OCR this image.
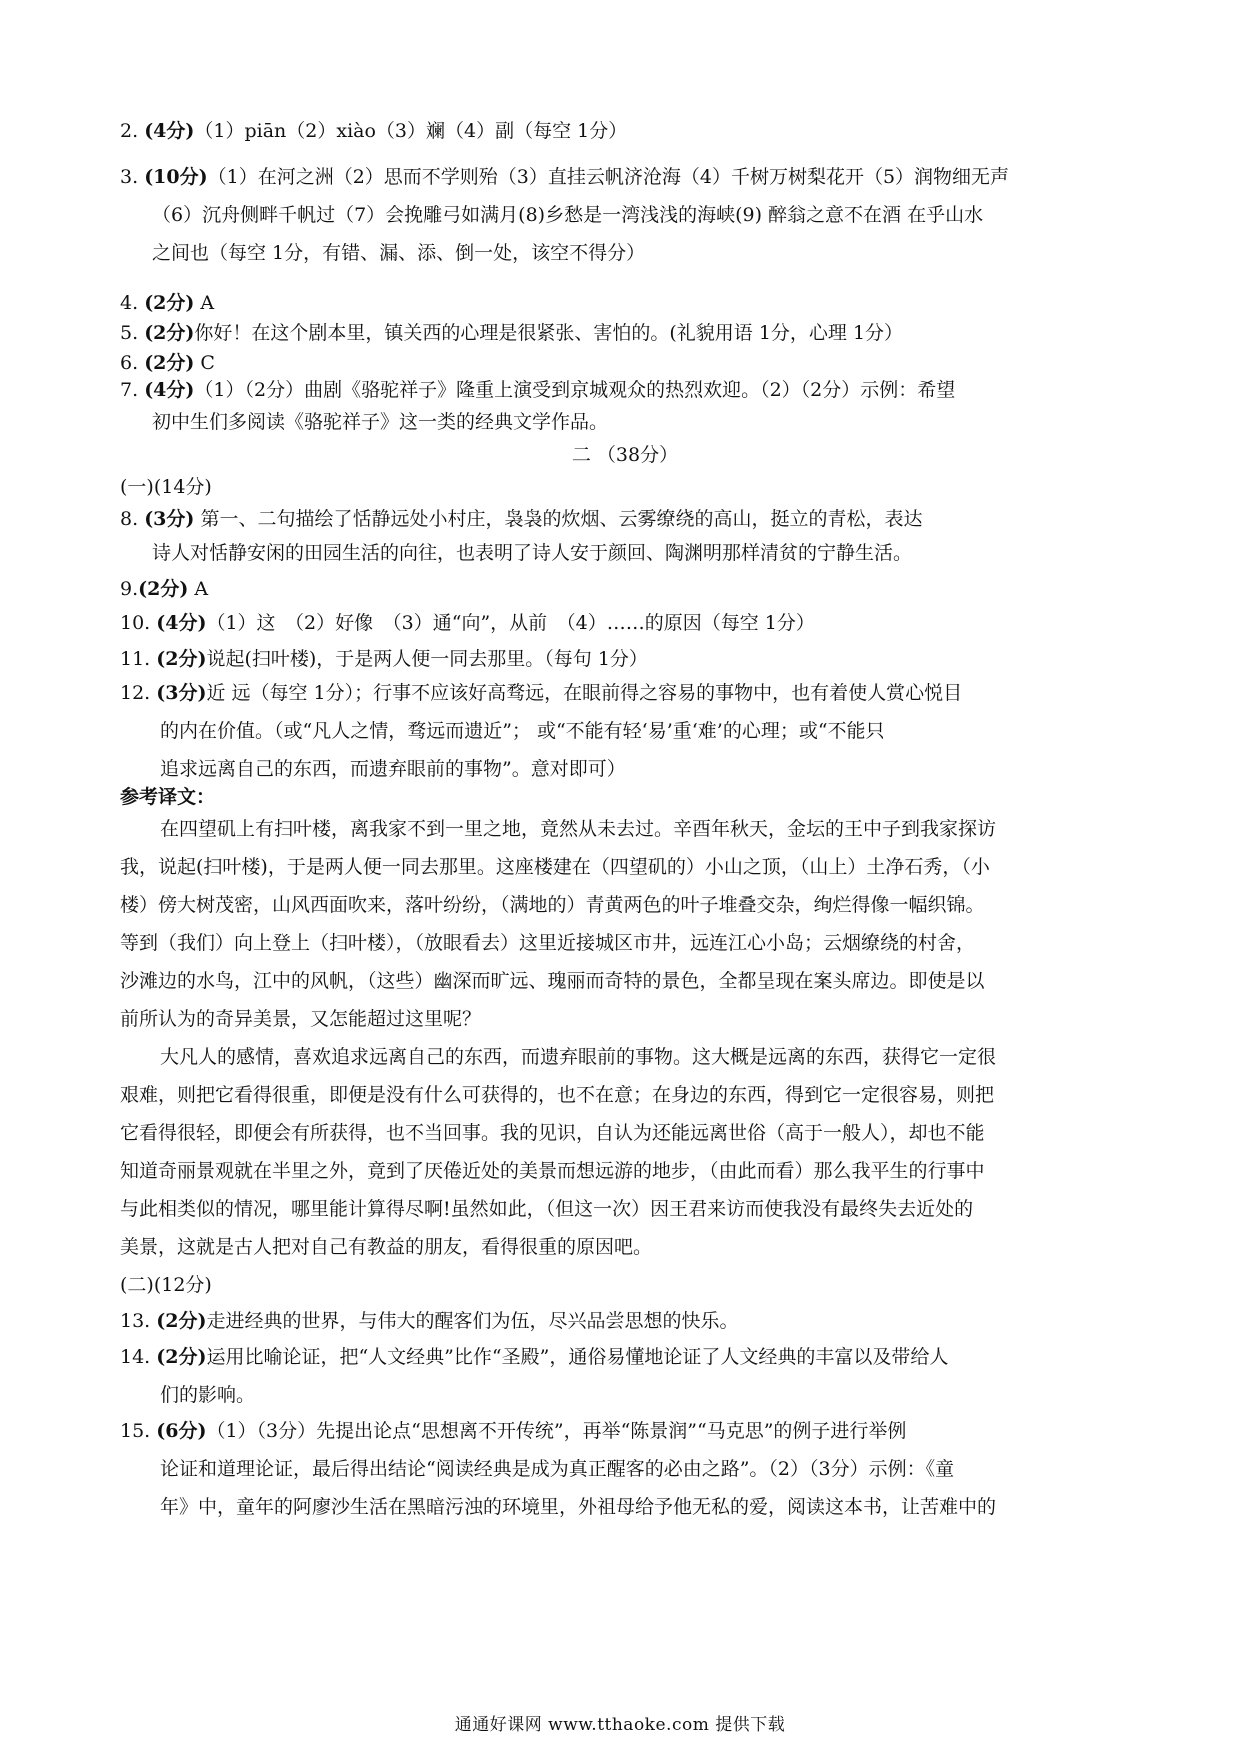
2. (4分)（1）piān（2）xiào（3）斓（4）副（每空 1分）
3. (10分)（1）在河之洲（2）思而不学则殆（3）直挂云帆济沧海（4）千树万树梨花开（5）润物细无声
（6）沉舟侧畔千帆过（7）会挽雕弓如满月(8)乡愁是一湾浅浅的海峡(9) 醉翁之意不在酒 在乎山水
之间也（每空 1分，有错、漏、添、倒一处，该空不得分）
4. (2分) A
5. (2分)你好！在这个剧本里，镇关西的心理是很紧张、害怕的。(礼貌用语 1分，心理 1分）
6. (2分) C
7. (4分)（1）（2分）曲剧《骆驼祥子》隆重上演受到京城观众的热烈欢迎。（2）（2分）示例：希望
初中生们多阅读《骆驼祥子》这一类的经典文学作品。
二 （38分）
(一)(14分)
8. (3分) 第一、二句描绘了恬静远处小村庄，袅袅的炊烟、云雾缭绕的高山，挺立的青松，表达
诗人对恬静安闲的田园生活的向往，也表明了诗人安于颜回、陶渊明那样清贫的宁静生活。
9.(2分) A
10. (4分)（1）这　（2）好像　（3）通“向”，从前　（4）……的原因（每空 1分）
11. (2分)说起(扫叶楼)，于是两人便一同去那里。（每句 1分）
12. (3分)近 远（每空 1分）；行事不应该好高骛远，在眼前得之容易的事物中，也有着使人赏心悦目
的内在价值。（或“凡人之情，骛远而遗近”； 或“不能有轻‘易’重‘难’的心理；或“不能只
追求远离自己的东西，而遗弃眼前的事物”。意对即可）
参考译文：
在四望矶上有扫叶楼，离我家不到一里之地，竟然从未去过。辛酉年秋天，金坛的王中子到我家探访
我，说起(扫叶楼)，于是两人便一同去那里。这座楼建在（四望矶的）小山之顶，（山上）土净石秀，（小
楼）傍大树茂密，山风西面吹来，落叶纷纷，（满地的）青黄两色的叶子堆叠交杂，绚烂得像一幅织锦。
等到（我们）向上登上（扫叶楼），（放眼看去）这里近接城区市井，远连江心小岛；云烟缭绕的村舍，
沙滩边的水鸟，江中的风帆，（这些）幽深而旷远、瑰丽而奇特的景色，全都呈现在案头席边。即使是以
前所认为的奇异美景，又怎能超过这里呢？
大凡人的感情，喜欢追求远离自己的东西，而遗弃眼前的事物。这大概是远离的东西，获得它一定很
艰难，则把它看得很重，即便是没有什么可获得的，也不在意；在身边的东西，得到它一定很容易，则把
它看得很轻，即便会有所获得，也不当回事。我的见识，自认为还能远离世俗（高于一般人），却也不能
知道奇丽景观就在半里之外，竟到了厌倦近处的美景而想远游的地步，（由此而看）那么我平生的行事中
与此相类似的情况，哪里能计算得尽啊!虽然如此，（但这一次）因王君来访而使我没有最终失去近处的
美景，这就是古人把对自己有教益的朋友，看得很重的原因吧。
(二)(12分)
13. (2分)走进经典的世界，与伟大的醒客们为伍，尽兴品尝思想的快乐。
14. (2分)运用比喻论证，把“人文经典”比作“圣殿”，通俗易懂地论证了人文经典的丰富以及带给人
们的影响。
15. (6分)（1）（3分）先提出论点“思想离不开传统”，再举“陈景润”“马克思”的例子进行举例
论证和道理论证，最后得出结论“阅读经典是成为真正醒客的必由之路”。（2）（3分）示例：《童
年》中，童年的阿廖沙生活在黑暗污浊的环境里，外祖母给予他无私的爱，阅读这本书，让苦难中的
通通好课网 www.tthaoke.com 提供下载
